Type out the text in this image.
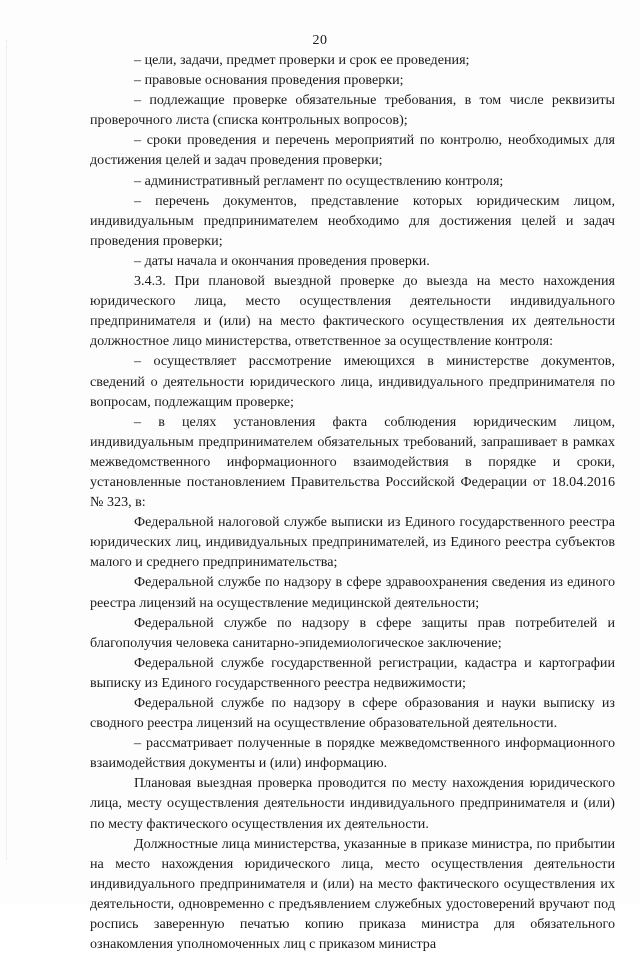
20

– цели, задачи, предмет проверки и срок ее проведения;

– правовые основания проведения проверки;

– подлежащие проверке обязательные требования, в том числе реквизиты проверочного листа (списка контрольных вопросов);

– сроки проведения и перечень мероприятий по контролю, необходимых для достижения целей и задач проведения проверки;

– административный регламент по осуществлению контроля;

– перечень документов, представление которых юридическим лицом, индивидуальным предпринимателем необходимо для достижения целей и задач проведения проверки;

– даты начала и окончания проведения проверки.

3.4.3. При плановой выездной проверке до выезда на место нахождения юридического лица, место осуществления деятельности индивидуального предпринимателя и (или) на место фактического осуществления их деятельности должностное лицо министерства, ответственное за осуществление контроля:

– осуществляет рассмотрение имеющихся в министерстве документов, сведений о деятельности юридического лица, индивидуального предпринимателя по вопросам, подлежащим проверке;

– в целях установления факта соблюдения юридическим лицом, индивидуальным предпринимателем обязательных требований, запрашивает в рамках межведомственного информационного взаимодействия в порядке и сроки, установленные постановлением Правительства Российской Федерации от 18.04.2016 № 323, в:

Федеральной налоговой службе выписки из Единого государственного реестра юридических лиц, индивидуальных предпринимателей, из Единого реестра субъектов малого и среднего предпринимательства;

Федеральной службе по надзору в сфере здравоохранения сведения из единого реестра лицензий на осуществление медицинской деятельности;

Федеральной службе по надзору в сфере защиты прав потребителей и благополучия человека санитарно-эпидемиологическое заключение;

Федеральной службе государственной регистрации, кадастра и картографии выписку из Единого государственного реестра недвижимости;

Федеральной службе по надзору в сфере образования и науки выписку из сводного реестра лицензий на осуществление образовательной деятельности.

– рассматривает полученные в порядке межведомственного информационного взаимодействия документы и (или) информацию.

Плановая выездная проверка проводится по месту нахождения юридического лица, месту осуществления деятельности индивидуального предпринимателя и (или) по месту фактического осуществления их деятельности.

Должностные лица министерства, указанные в приказе министра, по прибытии на место нахождения юридического лица, место осуществления деятельности индивидуального предпринимателя и (или) на место фактического осуществления их деятельности, одновременно с предъявлением служебных удостоверений вручают под роспись заверенную печатью копию приказа министра для обязательного ознакомления уполномоченных лиц с приказом министра
